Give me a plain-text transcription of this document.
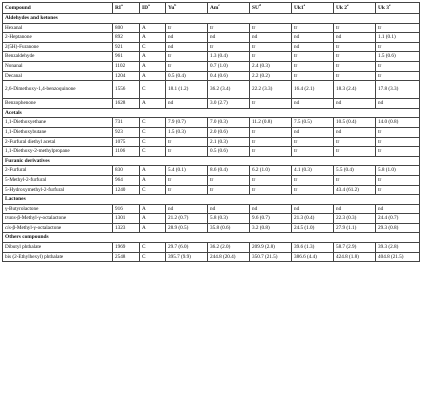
Compound	$RI^a$	$ID^a$	Yu$^b$	Am$^c$	$SU^d$	Uk1e	Uk 2e	Uk 3e
Aldehydes and ketones								
Hexanal	800	A	tr	tr	tr	tr	tr	tr
2-Heptanone	892	A	nd	nd	nd	nd	nd	1.1 (0.1)
2(5H)-Furanone	921	C	nd	tr	tr	nd	tr	tr
Benzaldehyde	961	A	tr	1.3 (0.4)	tr	tr	tr	1.5 (0.6)
Nonanal	1102	A	tr	0.7 (1.0)	2.4 (0.3)	tr	tr	tr
Decanal	1204	A	0.5 (0.4)	0.4 (0.6)	2.2 (0.2)	tr	tr	tr
2,6-Dimethoxy-1,4-benzoquinone	1556	C	18.1 (1.2)	36.2 (3.4)	22.2 (3.3)	16.4 (2.1)	18.3 (2.4)	17.8 (3.3)
Benzophenone	1628	A	nd	3.0 (2.7)	tr	nd	nd	nd
Acetals								
1,1-Diethoxyethane	731	C	7.9 (0.7)	7.0 (0.3)	11.2 (0.8)	7.5 (0.5)	10.5 (0.4)	14.0 (0.8)
1,1-Diethoxybutane	923	C	1.5 (0.3)	2.0 (0.6)	tr	nd	nd	tr
2-Furfural diethyl acetal	1075	C	tr	2.1 (0.3)	tr	tr	tr	tr
1,1-Diethoxy-2-methylpropane	1106	C	tr	0.5 (0.6)	tr	tr	tr	tr
Furanic derivatives								
2-Furfural	830	A	5.4 (0.1)	8.6 (0.4)	6.2 (1.0)	4.1 (0.3)	5.5 (0.4)	5.8 (1.0)
5-Methyl-2-furfural	964	A	tr	tr	tr	tr	tr	tr
5-Hydroxymethyl-2-furfural	1240	C	tr	tr	tr	tr	43.4 (61.2)	tr
Lactones								
γ-Butyrolactone	916	A	nd	nd	nd	nd	nd	nd
trans-β-Methyl-γ-octalactone	1301	A	21.2 (0.7)	5.8 (0.3)	9.6 (0.7)	21.3 (0.4)	22.3 (0.3)	24.4 (0.7)
cis-β-Methyl-γ-octalactone	1323	A	28.9 (0.5)	35.8 (0.6)	3.2 (0.8)	24.5 (1.0)	27.9 (1.1)	29.3 (0.8)
Others compounds								
Dibutyl phthalate	1969	C	29.7 (6.0)	36.2 (2.0)	209.9 (2.8)	39.6 (1.3)	58.7 (2.9)	39.3 (2.8)
bis (2-Ethylhexyl) phthalate	2548	C	395.7 (9.9)	244.8 (20.4)	350.7 (21.5)	386.6 (4.4)	424.8 (1.8)	404.8 (21.5)
